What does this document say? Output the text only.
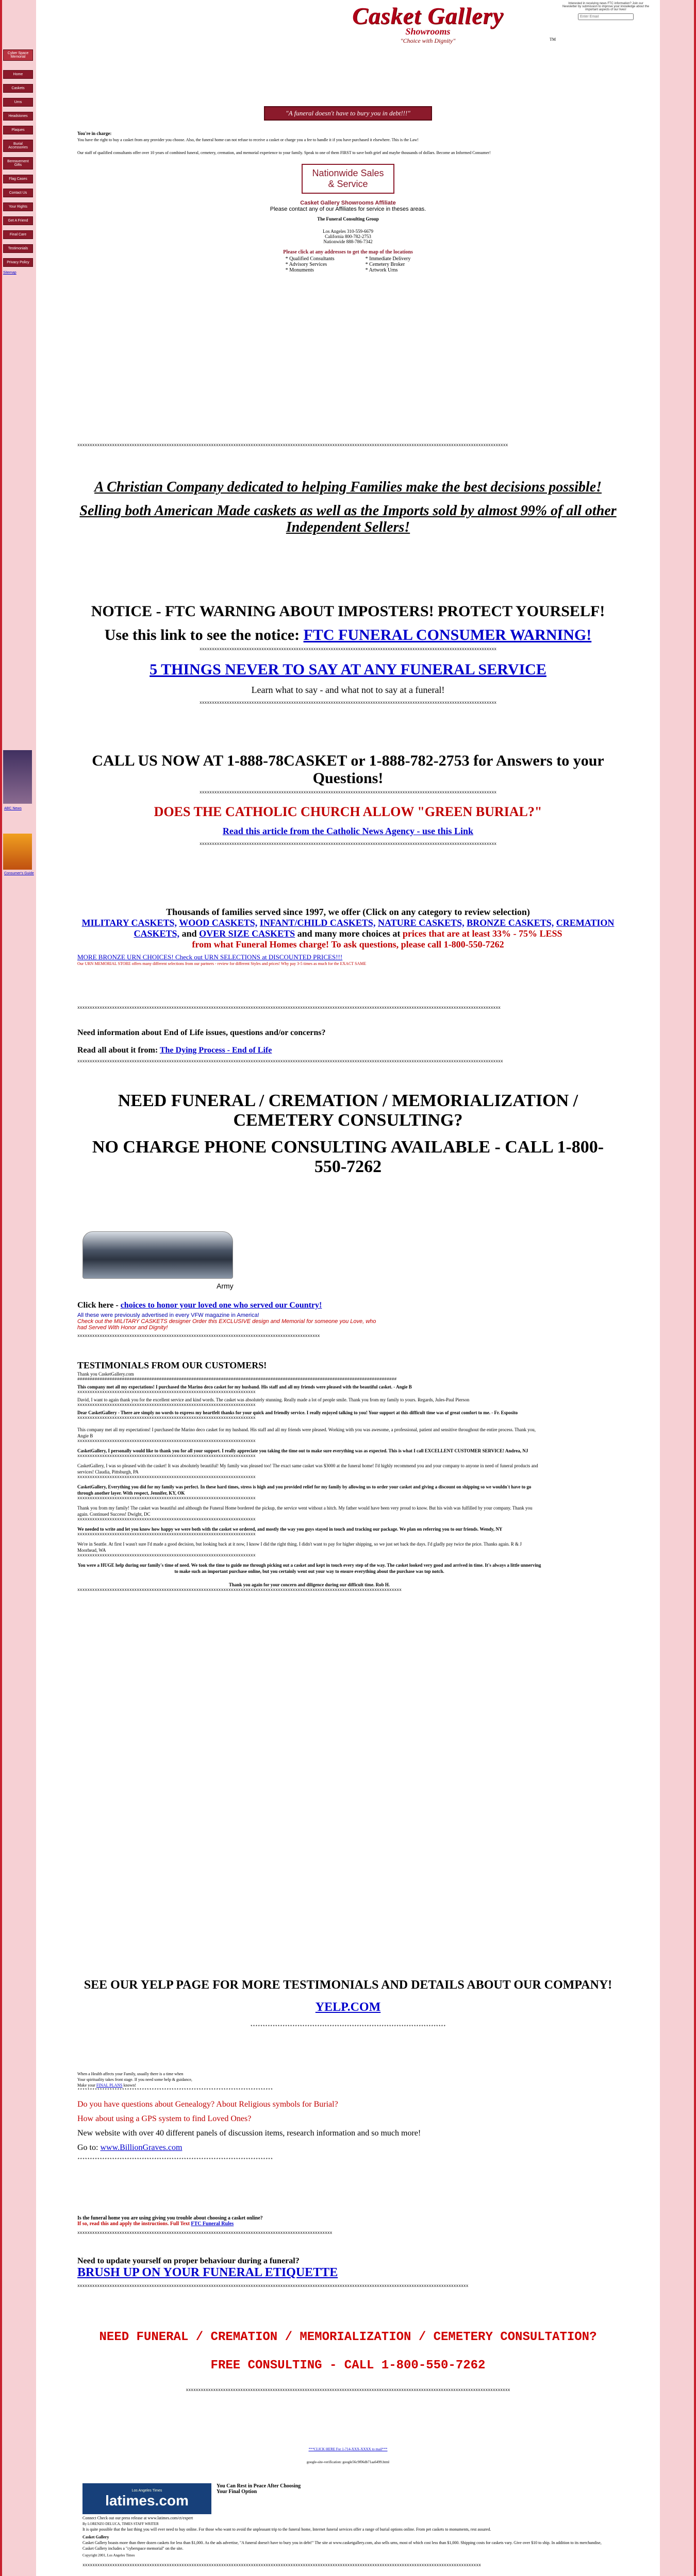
Cyber Space Memorial
Home
Caskets
Urns
Headstones
Plaques
Burial Accessories
Bereavement Gifts
Flag Cases
Contact Us
Your Rights
Get A Friend
Final Care
Testimonials
Privacy Policy
Sitemap
ABC News
Consumer's Guide
Casket Gallery
Showrooms
"Choice with Dignity"	TM
Interested in receiving news FTC information? Join our Newsletter by submission to improve your knowledge about the important aspects of our lives!
Enter Email
"A funeral doesn't have to bury you in debt!!!"
You're in charge:
You have the right to buy a casket from any provider you choose. Also, the funeral home can not refuse to receive a casket or charge you a fee to handle it if you have purchased it elsewhere. This is the Law!
Our staff of qualified consultants offer over 10 years of combined funeral, cemetery, cremation, and memorial experience to your family. Speak to one of them FIRST to save both grief and maybe thousands of dollars. Become an Informed Consumer!
Nationwide Sales
& Service
Casket Gallery Showrooms Affiliate
Please contact any of our Affiliates for service in theses areas.
The Funeral Consulting Group
Los Angeles 310-559-6679
California 800-782-2753
Nationwide 888-786-7342
Please click at any addresses to get the map of the locations
* Qualified Consultants
* Advisory Services
* Monuments
* Immediate Delivery
* Cemetery Broker
* Artwork Urns
xxxxxxxxxxxxxxxxxxxxxxxxxxxxxxxxxxxxxxxxxxxxxxxxxxxxxxxxxxxxxxxxxxxxxxxxxxxxxxxxxxxxxxxxxxxxxxxxxxxxxxxxxxxxxxxxxxxxxxxxxxxxxxxxxxxxxxxxxxxxxxxxxxxxxxxxxxxxxxxxxxxxxxxxxxxxxx
A Christian Company dedicated to helping Families make the best decisions possible!
Selling both American Made caskets as well as the Imports sold by almost 99% of all other Independent Sellers!
NOTICE - FTC WARNING ABOUT IMPOSTERS! PROTECT YOURSELF!
Use this link to see the notice: FTC FUNERAL CONSUMER WARNING!
xxxxxxxxxxxxxxxxxxxxxxxxxxxxxxxxxxxxxxxxxxxxxxxxxxxxxxxxxxxxxxxxxxxxxxxxxxxxxxxxxxxxxxxxxxxxxxxxxxxxxxxxxxxxxxxxxxxxxxxx
5 THINGS NEVER TO SAY AT ANY FUNERAL SERVICE
Learn what to say - and what not to say at a funeral!
xxxxxxxxxxxxxxxxxxxxxxxxxxxxxxxxxxxxxxxxxxxxxxxxxxxxxxxxxxxxxxxxxxxxxxxxxxxxxxxxxxxxxxxxxxxxxxxxxxxxxxxxxxxxxxxxxxxxxxxx
CALL US NOW AT 1-888-78CASKET or 1-888-782-2753 for Answers to your Questions!
xxxxxxxxxxxxxxxxxxxxxxxxxxxxxxxxxxxxxxxxxxxxxxxxxxxxxxxxxxxxxxxxxxxxxxxxxxxxxxxxxxxxxxxxxxxxxxxxxxxxxxxxxxxxxxxxxxxxxxxx
DOES THE CATHOLIC CHURCH ALLOW "GREEN BURIAL?"
Read this article from the Catholic News Agency - use this Link
xxxxxxxxxxxxxxxxxxxxxxxxxxxxxxxxxxxxxxxxxxxxxxxxxxxxxxxxxxxxxxxxxxxxxxxxxxxxxxxxxxxxxxxxxxxxxxxxxxxxxxxxxxxxxxxxxxxxxxxx
Thousands of families served since 1997, we offer (Click on any category to review selection)
MILITARY CASKETS, WOOD CASKETS, INFANT/CHILD CASKETS, NATURE CASKETS, BRONZE CASKETS, CREMATION CASKETS, and OVER SIZE CASKETS and many more choices at prices that are at least 33% - 75% LESS
from what Funeral Homes charge! To ask questions, please call 1-800-550-7262
MORE BRONZE URN CHOICES! Check out URN SELECTIONS at DISCOUNTED PRICES!!!
Our URN MEMORIAL STORE offers many different selections from our partners - review for different Styles and prices! Why pay 3-5 times as much for the EXACT SAME
xxxxxxxxxxxxxxxxxxxxxxxxxxxxxxxxxxxxxxxxxxxxxxxxxxxxxxxxxxxxxxxxxxxxxxxxxxxxxxxxxxxxxxxxxxxxxxxxxxxxxxxxxxxxxxxxxxxxxxxxxxxxxxxxxxxxxxxxxxxxxxxxxxxxxxxxxxxxxxxxxxxxxxxxxxx
Need information about End of Life issues, questions and/or concerns?
Read all about it from: The Dying Process - End of Life
xxxxxxxxxxxxxxxxxxxxxxxxxxxxxxxxxxxxxxxxxxxxxxxxxxxxxxxxxxxxxxxxxxxxxxxxxxxxxxxxxxxxxxxxxxxxxxxxxxxxxxxxxxxxxxxxxxxxxxxxxxxxxxxxxxxxxxxxxxxxxxxxxxxxxxxxxxxxxxxxxxxxxxxxxxxx
NEED FUNERAL / CREMATION / MEMORIALIZATION / CEMETERY CONSULTING?
NO CHARGE PHONE CONSULTING AVAILABLE - CALL 1-800-550-7262
Army
Click here - choices to honor your loved one who served our Country!
All these were previously advertised in every VFW magazine in America!
Check out the MILITARY CASKETS designer Order this EXCLUSIVE design and Memorial for someone you Love, who had Served With Honor and Dignity!
xxxxxxxxxxxxxxxxxxxxxxxxxxxxxxxxxxxxxxxxxxxxxxxxxxxxxxxxxxxxxxxxxxxxxxxxxxxxxxxxxxxxxxxxxxxxxxxxxx
TESTIMONIALS FROM OUR CUSTOMERS!
Thank you CasketGallery.com
#################################################################################################################################
This company met all my expectations! I purchased the Marino deco casket for my husband. His staff and all my friends were pleased with the beautiful casket. - Angie B
xxxxxxxxxxxxxxxxxxxxxxxxxxxxxxxxxxxxxxxxxxxxxxxxxxxxxxxxxxxxxxxxxxxxxxxx
David, I want to again thank you for the excellent service and kind words. The casket was absolutely stunning. Really made a lot of people smile. Thank you from my family to yours. Regards, Jules-Paul Pierson
xxxxxxxxxxxxxxxxxxxxxxxxxxxxxxxxxxxxxxxxxxxxxxxxxxxxxxxxxxxxxxxxxxxxxxxx
Dear CasketGallery - There are simply no words to express my heartfelt thanks for your quick and friendly service. I really enjoyed talking to you! Your support at this difficult time was of great comfort to me. - Fr. Esposito
xxxxxxxxxxxxxxxxxxxxxxxxxxxxxxxxxxxxxxxxxxxxxxxxxxxxxxxxxxxxxxxxxxxxxxxx
This company met all my expectations! I purchased the Marino deco casket for my husband. His staff and all my friends were pleased. Working with you was awesome, a professional, patient and sensitive throughout the entire process. Thank you, Angie B
xxxxxxxxxxxxxxxxxxxxxxxxxxxxxxxxxxxxxxxxxxxxxxxxxxxxxxxxxxxxxxxxxxxxxxxx
CasketGallery, I personally would like to thank you for all your support. I really appreciate you taking the time out to make sure everything was as expected. This is what I call EXCELLENT CUSTOMER SERVICE! Andrea, NJ
xxxxxxxxxxxxxxxxxxxxxxxxxxxxxxxxxxxxxxxxxxxxxxxxxxxxxxxxxxxxxxxxxxxxxxxx
CasketGallery, I was so pleased with the casket! It was absolutely beautiful! My family was pleased too! The exact same casket was $3000 at the funeral home! I'd highly recommend you and your company to anyone in need of funeral products and services! Claudia, Pittsburgh, PA
xxxxxxxxxxxxxxxxxxxxxxxxxxxxxxxxxxxxxxxxxxxxxxxxxxxxxxxxxxxxxxxxxxxxxxxx
CasketGallery, Everything you did for my family was perfect. In these hard times, stress is high and you provided relief for my family by allowing us to order your casket and giving a discount on shipping so we wouldn't have to go through another layer. With respect, Jennifer, KY, OK
xxxxxxxxxxxxxxxxxxxxxxxxxxxxxxxxxxxxxxxxxxxxxxxxxxxxxxxxxxxxxxxxxxxxxxxx
Thank you from my family! The casket was beautiful and although the Funeral Home bordered the pickup, the service went without a hitch. My father would have been very proud to know. But his wish was fulfilled by your company. Thank you again. Continued Success! Dwight, DC
xxxxxxxxxxxxxxxxxxxxxxxxxxxxxxxxxxxxxxxxxxxxxxxxxxxxxxxxxxxxxxxxxxxxxxxx
We needed to write and let you know how happy we were both with the casket we ordered, and mostly the way you guys stayed in touch and tracking our package. We plan on referring you to our friends. Wendy, NY
xxxxxxxxxxxxxxxxxxxxxxxxxxxxxxxxxxxxxxxxxxxxxxxxxxxxxxxxxxxxxxxxxxxxxxxx
We're in Seattle. At first I wasn't sure I'd made a good decision, but looking back at it now, I know I did the right thing. I didn't want to pay for higher shipping, so we just set back the days. I'd gladly pay twice the price. Thanks again. R & J Moorhead, WA
xxxxxxxxxxxxxxxxxxxxxxxxxxxxxxxxxxxxxxxxxxxxxxxxxxxxxxxxxxxxxxxxxxxxxxxx
You were a HUGE help during our family's time of need. We took the time to guide me through picking out a casket and kept in touch every step of the way. The casket looked very good and arrived in time. It's always a little unnerving to make such an important purchase online, but you certainly went out your way to ensure everything about the purchase was top notch.
Thank you again for your concern and diligence during our difficult time. Rob H.
xxxxxxxxxxxxxxxxxxxxxxxxxxxxxxxxxxxxxxxxxxxxxxxxxxxxxxxxxxxxxxxxxxxxxxxxxxxxxxxxxxxxxxxxxxxxxxxxxxxxxxxxxxxxxxxxxxxxxxxxxxxxxxxxxxx
SEE OUR YELP PAGE FOR MORE TESTIMONIALS AND DETAILS ABOUT OUR COMPANY!
YELP.COM
*******************************************************************************
When a Health affects your Family, usually there is a time when
Your spirituality takes front stage. If you need some help & guidance,
Make your FINAL PLANS known!
*******************************************************************************
Do you have questions about Genealogy? About Religious symbols for Burial?
How about using a GPS system to find Loved Ones?
New website with over 40 different panels of discussion items, research information and so much more!
Go to: www.BillionGraves.com
*******************************************************************************
Is the funeral home you are using giving you trouble about choosing a casket online?
If so, read this and apply the instructions. Full Text FTC Funeral Rules
xxxxxxxxxxxxxxxxxxxxxxxxxxxxxxxxxxxxxxxxxxxxxxxxxxxxxxxxxxxxxxxxxxxxxxxxxxxxxxxxxxxxxxxxxxxxxxxxxxxxxxx
Need to update yourself on proper behaviour during a funeral?
BRUSH UP ON YOUR FUNERAL ETIQUETTE
xxxxxxxxxxxxxxxxxxxxxxxxxxxxxxxxxxxxxxxxxxxxxxxxxxxxxxxxxxxxxxxxxxxxxxxxxxxxxxxxxxxxxxxxxxxxxxxxxxxxxxxxxxxxxxxxxxxxxxxxxxxxxxxxxxxxxxxxxxxxxxxxxxxxxxxxxxxxxx
NEED FUNERAL / CREMATION / MEMORIALIZATION / CEMETERY CONSULTATION?
FREE CONSULTING - CALL 1-800-550-7262
xxxxxxxxxxxxxxxxxxxxxxxxxxxxxxxxxxxxxxxxxxxxxxxxxxxxxxxxxxxxxxxxxxxxxxxxxxxxxxxxxxxxxxxxxxxxxxxxxxxxxxxxxxxxxxxxxxxxxxxxxxxxxxxxxxx
***CLICK HERE For 1-714-XXX-XXXX to mail***
google-site-verification: google56c9f06db71aa6499.html
Los Angeles Times
latimes.com
You Can Rest in Peace After Choosing
Your Final Option
Connect Check out our press release at www.latimes.com/ct/expert
By LORENZO DELUCA, TIMES STAFF WRITER
It is quite possible that the last thing you will ever need to buy online. For those who want to avoid the unpleasant trip to the funeral home, Internet funeral services offer a range of burial options online. From pet caskets to monuments, rest assured.
Casket Gallery
Casket Gallery boasts more than three dozen caskets for less than $1,000. As the ads advertise, "A funeral doesn't have to bury you in debt!" The site at www.casketgallery.com, also sells urns, most of which cost less than $1,000. Shipping costs for caskets vary. Give over $10 to ship. In addition to its merchandise, Casket Gallery includes a "cyberspace memorial" on the site.
Copyright 2001, Los Angeles Times
xxxxxxxxxxxxxxxxxxxxxxxxxxxxxxxxxxxxxxxxxxxxxxxxxxxxxxxxxxxxxxxxxxxxxxxxxxxxxxxxxxxxxxxxxxxxxxxxxxxxxxxxxxxxxxxxxxxxxxxxxxxxxxxxxxxxxxxxxxxxxxxxxxxxxxxxxxxxxxxxx
